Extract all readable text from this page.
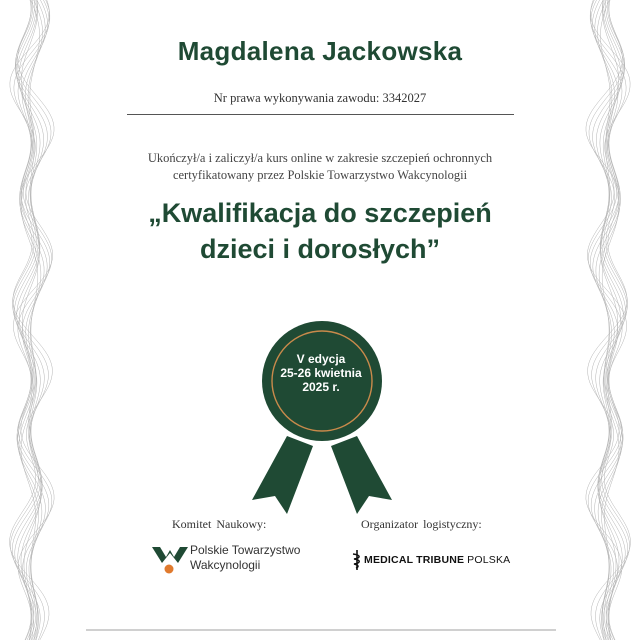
Magdalena Jackowska
Nr prawa wykonywania zawodu: 3342027
Ukończył/a i zaliczył/a kurs online w zakresie szczepień ochronnych
certyfikatowany przez Polskie Towarzystwo Wakcynologii
„Kwalifikacja do szczepień
dzieci i dorosłych”
V edycja
25-26 kwietnia
2025 r.
Komitet Naukowy:	Organizator logistyczny:
Polskie Towarzystwo
Wakcynologii	MEDICAL TRIBUNE POLSKA
